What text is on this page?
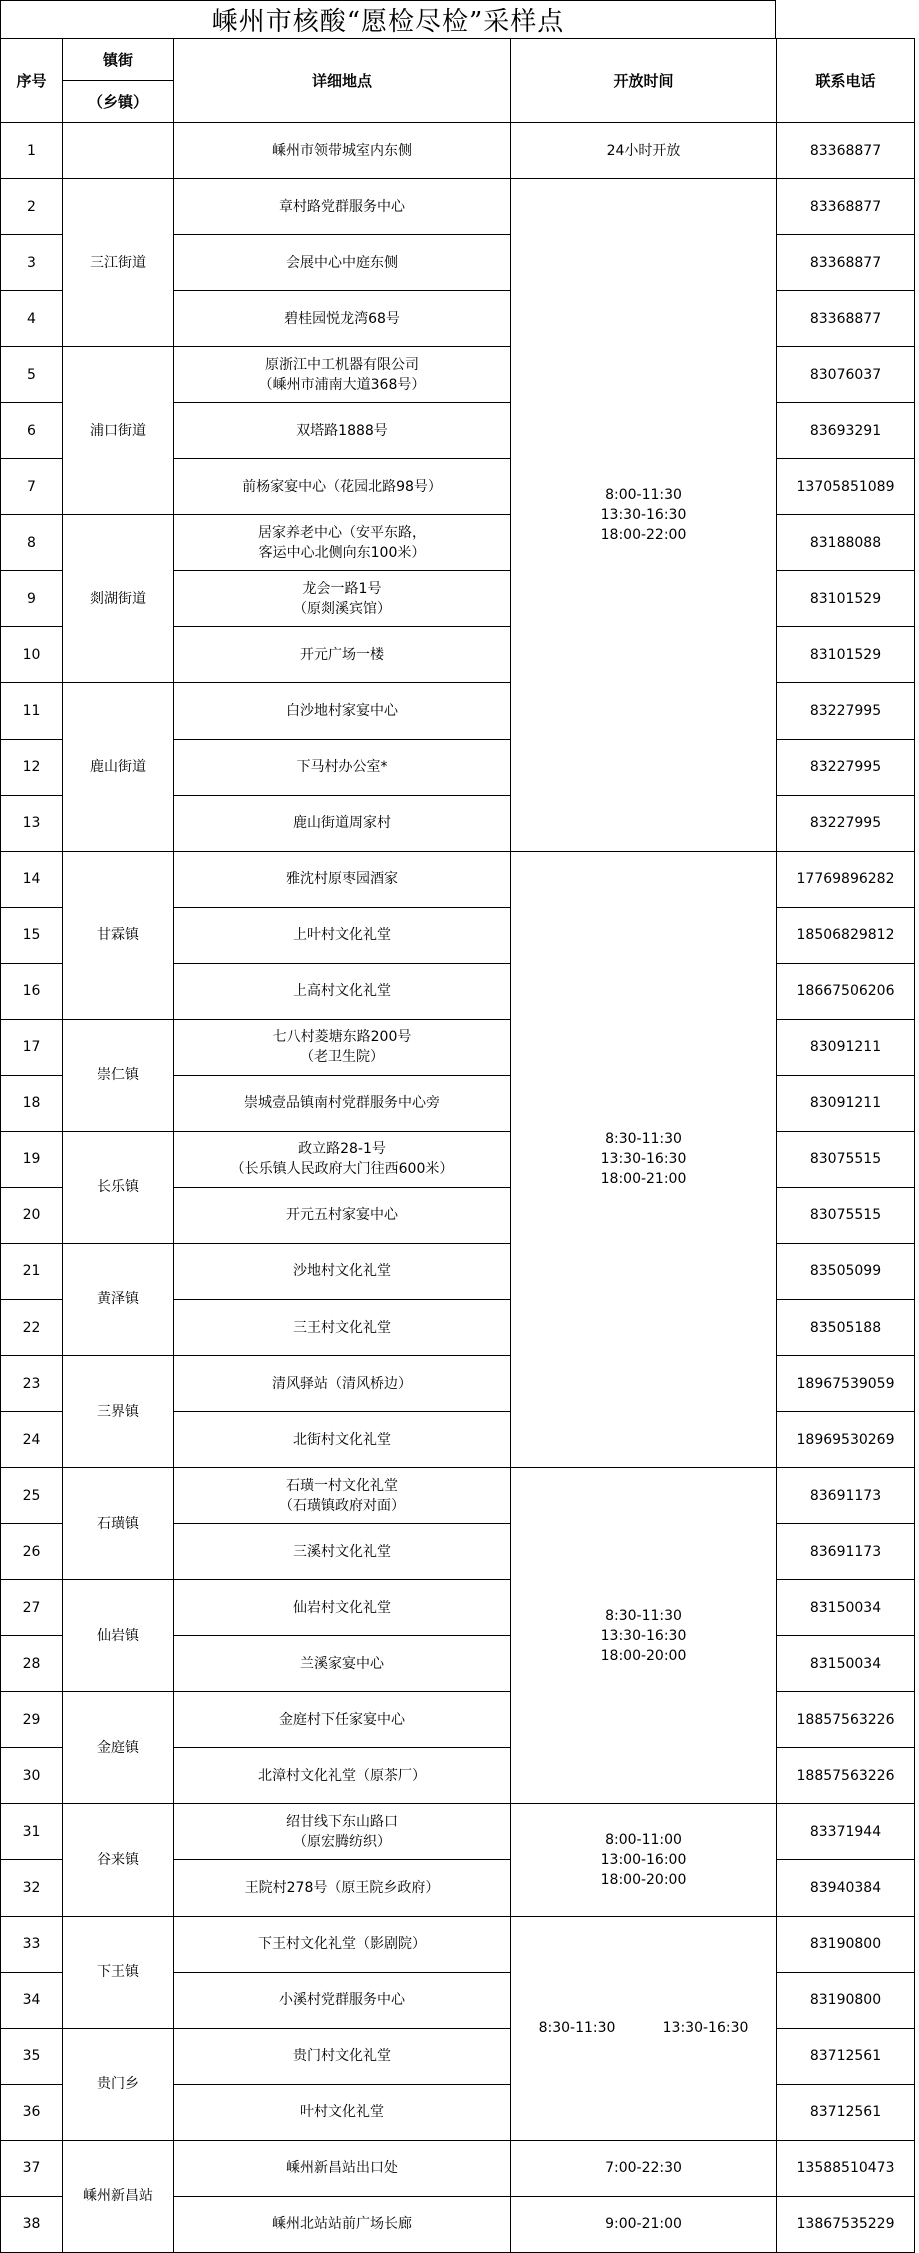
嵊州市核酸“愿检尽检”采样点
序号	镇街	详细地点	开放时间	联系电话
	（乡镇）			
1		嵊州市领带城室内东侧	24小时开放	83368877
2	三江街道	章村路党群服务中心	8:00-11:30
13:30-16:30
18:00-22:00	83368877
3		会展中心中庭东侧		83368877
4		碧桂园悦龙湾68号		83368877
5	浦口街道	原浙江中工机器有限公司
（嵊州市浦南大道368号）		83076037
6		双塔路1888号		83693291
7		前杨家宴中心（花园北路98号）		13705851089
8	剡湖街道	居家养老中心（安平东路，
客运中心北侧向东100米）		83188088
9		龙会一路1号
（原剡溪宾馆）		83101529
10		开元广场一楼		83101529
11	鹿山街道	白沙地村家宴中心		83227995
12		下马村办公室*		83227995
13		鹿山街道周家村		83227995
14	甘霖镇	雅沈村原枣园酒家	8:30-11:30
13:30-16:30
18:00-21:00	17769896282
15		上叶村文化礼堂		18506829812
16		上高村文化礼堂		18667506206
17	崇仁镇	七八村菱塘东路200号
（老卫生院）		83091211
18		崇城壹品镇南村党群服务中心旁		83091211
19	长乐镇	政立路28-1号
（长乐镇人民政府大门往西600米）		83075515
20		开元五村家宴中心		83075515
21	黄泽镇	沙地村文化礼堂		83505099
22		三王村文化礼堂		83505188
23	三界镇	清风驿站（清风桥边）		18967539059
24		北街村文化礼堂		18969530269
25	石璜镇	石璜一村文化礼堂
（石璜镇政府对面）	8:30-11:30
13:30-16:30
18:00-20:00	83691173
26		三溪村文化礼堂		83691173
27	仙岩镇	仙岩村文化礼堂		83150034
28		兰溪家宴中心		83150034
29	金庭镇	金庭村下任家宴中心		18857563226
30		北漳村文化礼堂（原茶厂）		18857563226
31	谷来镇	绍甘线下东山路口
（原宏腾纺织）	8:00-11:00
13:00-16:00
18:00-20:00	83371944
32		王院村278号（原王院乡政府）		83940384
33	下王镇	下王村文化礼堂（影剧院）	8:30-11:30 13:30-16:30	83190800
34		小溪村党群服务中心		83190800
35	贵门乡	贵门村文化礼堂		83712561
36		叶村文化礼堂		83712561
37	嵊州新昌站	嵊州新昌站出口处	7:00-22:30	13588510473
38		嵊州北站站前广场长廊	9:00-21:00	13867535229
